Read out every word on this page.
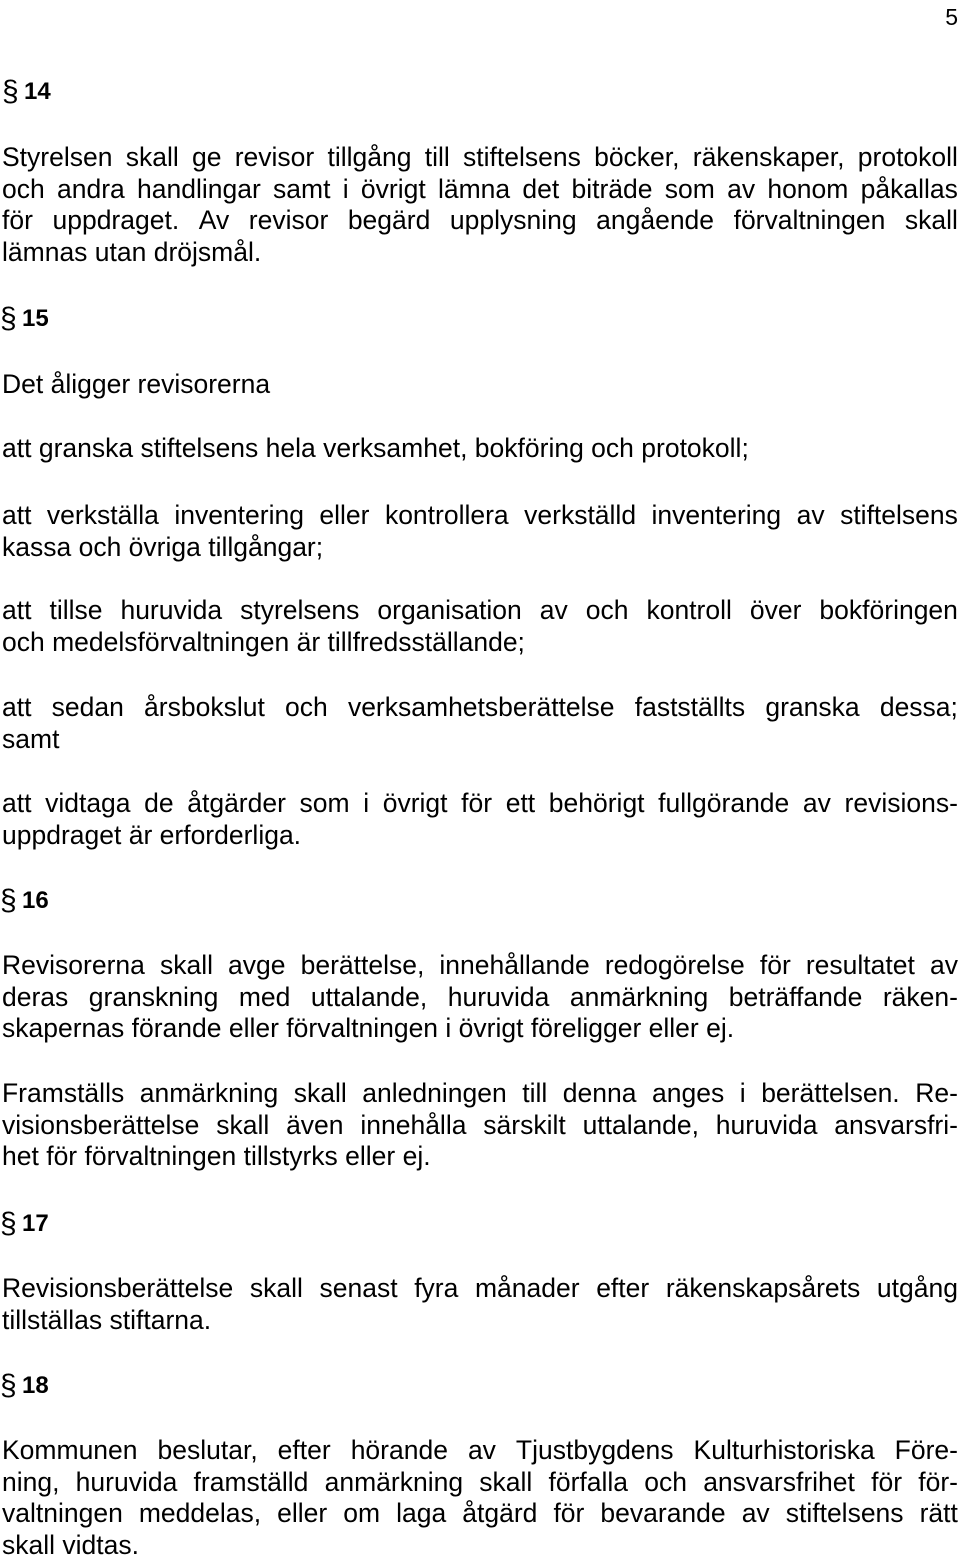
5
§ 14
Styrelsen skall ge revisor tillgång till stiftelsens böcker, räkenskaper, protokoll
och andra handlingar samt i övrigt lämna det biträde som av honom påkallas
för uppdraget. Av revisor begärd upplysning angående förvaltningen skall
lämnas utan dröjsmål.
§ 15

Det åligger revisorerna

att granska stiftelsens hela verksamhet, bokföring och protokoll;

att verkställa inventering eller kontrollera verkställd inventering av stiftelsens
kassa och övriga tillgångar;
att tillse huruvida styrelsens organisation av och kontroll över bokföringen
och medelsförvaltningen är tillfredsställande;
att sedan årsbokslut och verksamhetsberättelse fastställts granska dessa;
samt
att vidtaga de åtgärder som i övrigt för ett behörigt fullgörande av revisions-
uppdraget är erforderliga.
§ 16
Revisorerna skall avge berättelse, innehållande redogörelse för resultatet av
deras granskning med uttalande, huruvida anmärkning beträffande räken-
skapernas förande eller förvaltningen i övrigt föreligger eller ej.
Framställs anmärkning skall anledningen till denna anges i berättelsen. Re-
visionsberättelse skall även innehålla särskilt uttalande, huruvida ansvarsfri-
het för förvaltningen tillstyrks eller ej.
§ 17
Revisionsberättelse skall senast fyra månader efter räkenskapsårets utgång
tillställas stiftarna.
§ 18
Kommunen beslutar, efter hörande av Tjustbygdens Kulturhistoriska Före-
ning, huruvida framställd anmärkning skall förfalla och ansvarsfrihet för för-
valtningen meddelas, eller om laga åtgärd för bevarande av stiftelsens rätt
skall vidtas.
